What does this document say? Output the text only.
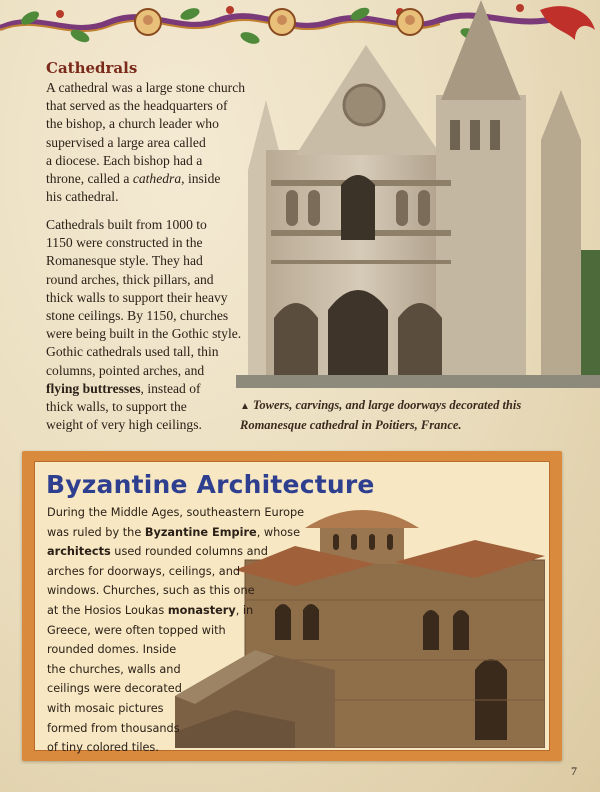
Cathedrals
A cathedral was a large stone church
that served as the headquarters of
the bishop, a church leader who
supervised a large area called
a diocese. Each bishop had a
throne, called a cathedra, inside
his cathedral.
Cathedrals built from 1000 to
1150 were constructed in the
Romanesque style. They had
round arches, thick pillars, and
thick walls to support their heavy
stone ceilings. By 1150, churches
were being built in the Gothic style.
Gothic cathedrals used tall, thin
columns, pointed arches, and
flying buttresses, instead of
thick walls, to support the
weight of very high ceilings.
▲ Towers, carvings, and large doorways decorated this
Romanesque cathedral in Poitiers, France.
Byzantine Architecture
During the Middle Ages, southeastern Europe
was ruled by the Byzantine Empire, whose
architects used rounded columns and
arches for doorways, ceilings, and
windows. Churches, such as this one
at the Hosios Loukas monastery, in
Greece, were often topped with
rounded domes. Inside
the churches, walls and
ceilings were decorated
with mosaic pictures
formed from thousands
of tiny colored tiles.
7
